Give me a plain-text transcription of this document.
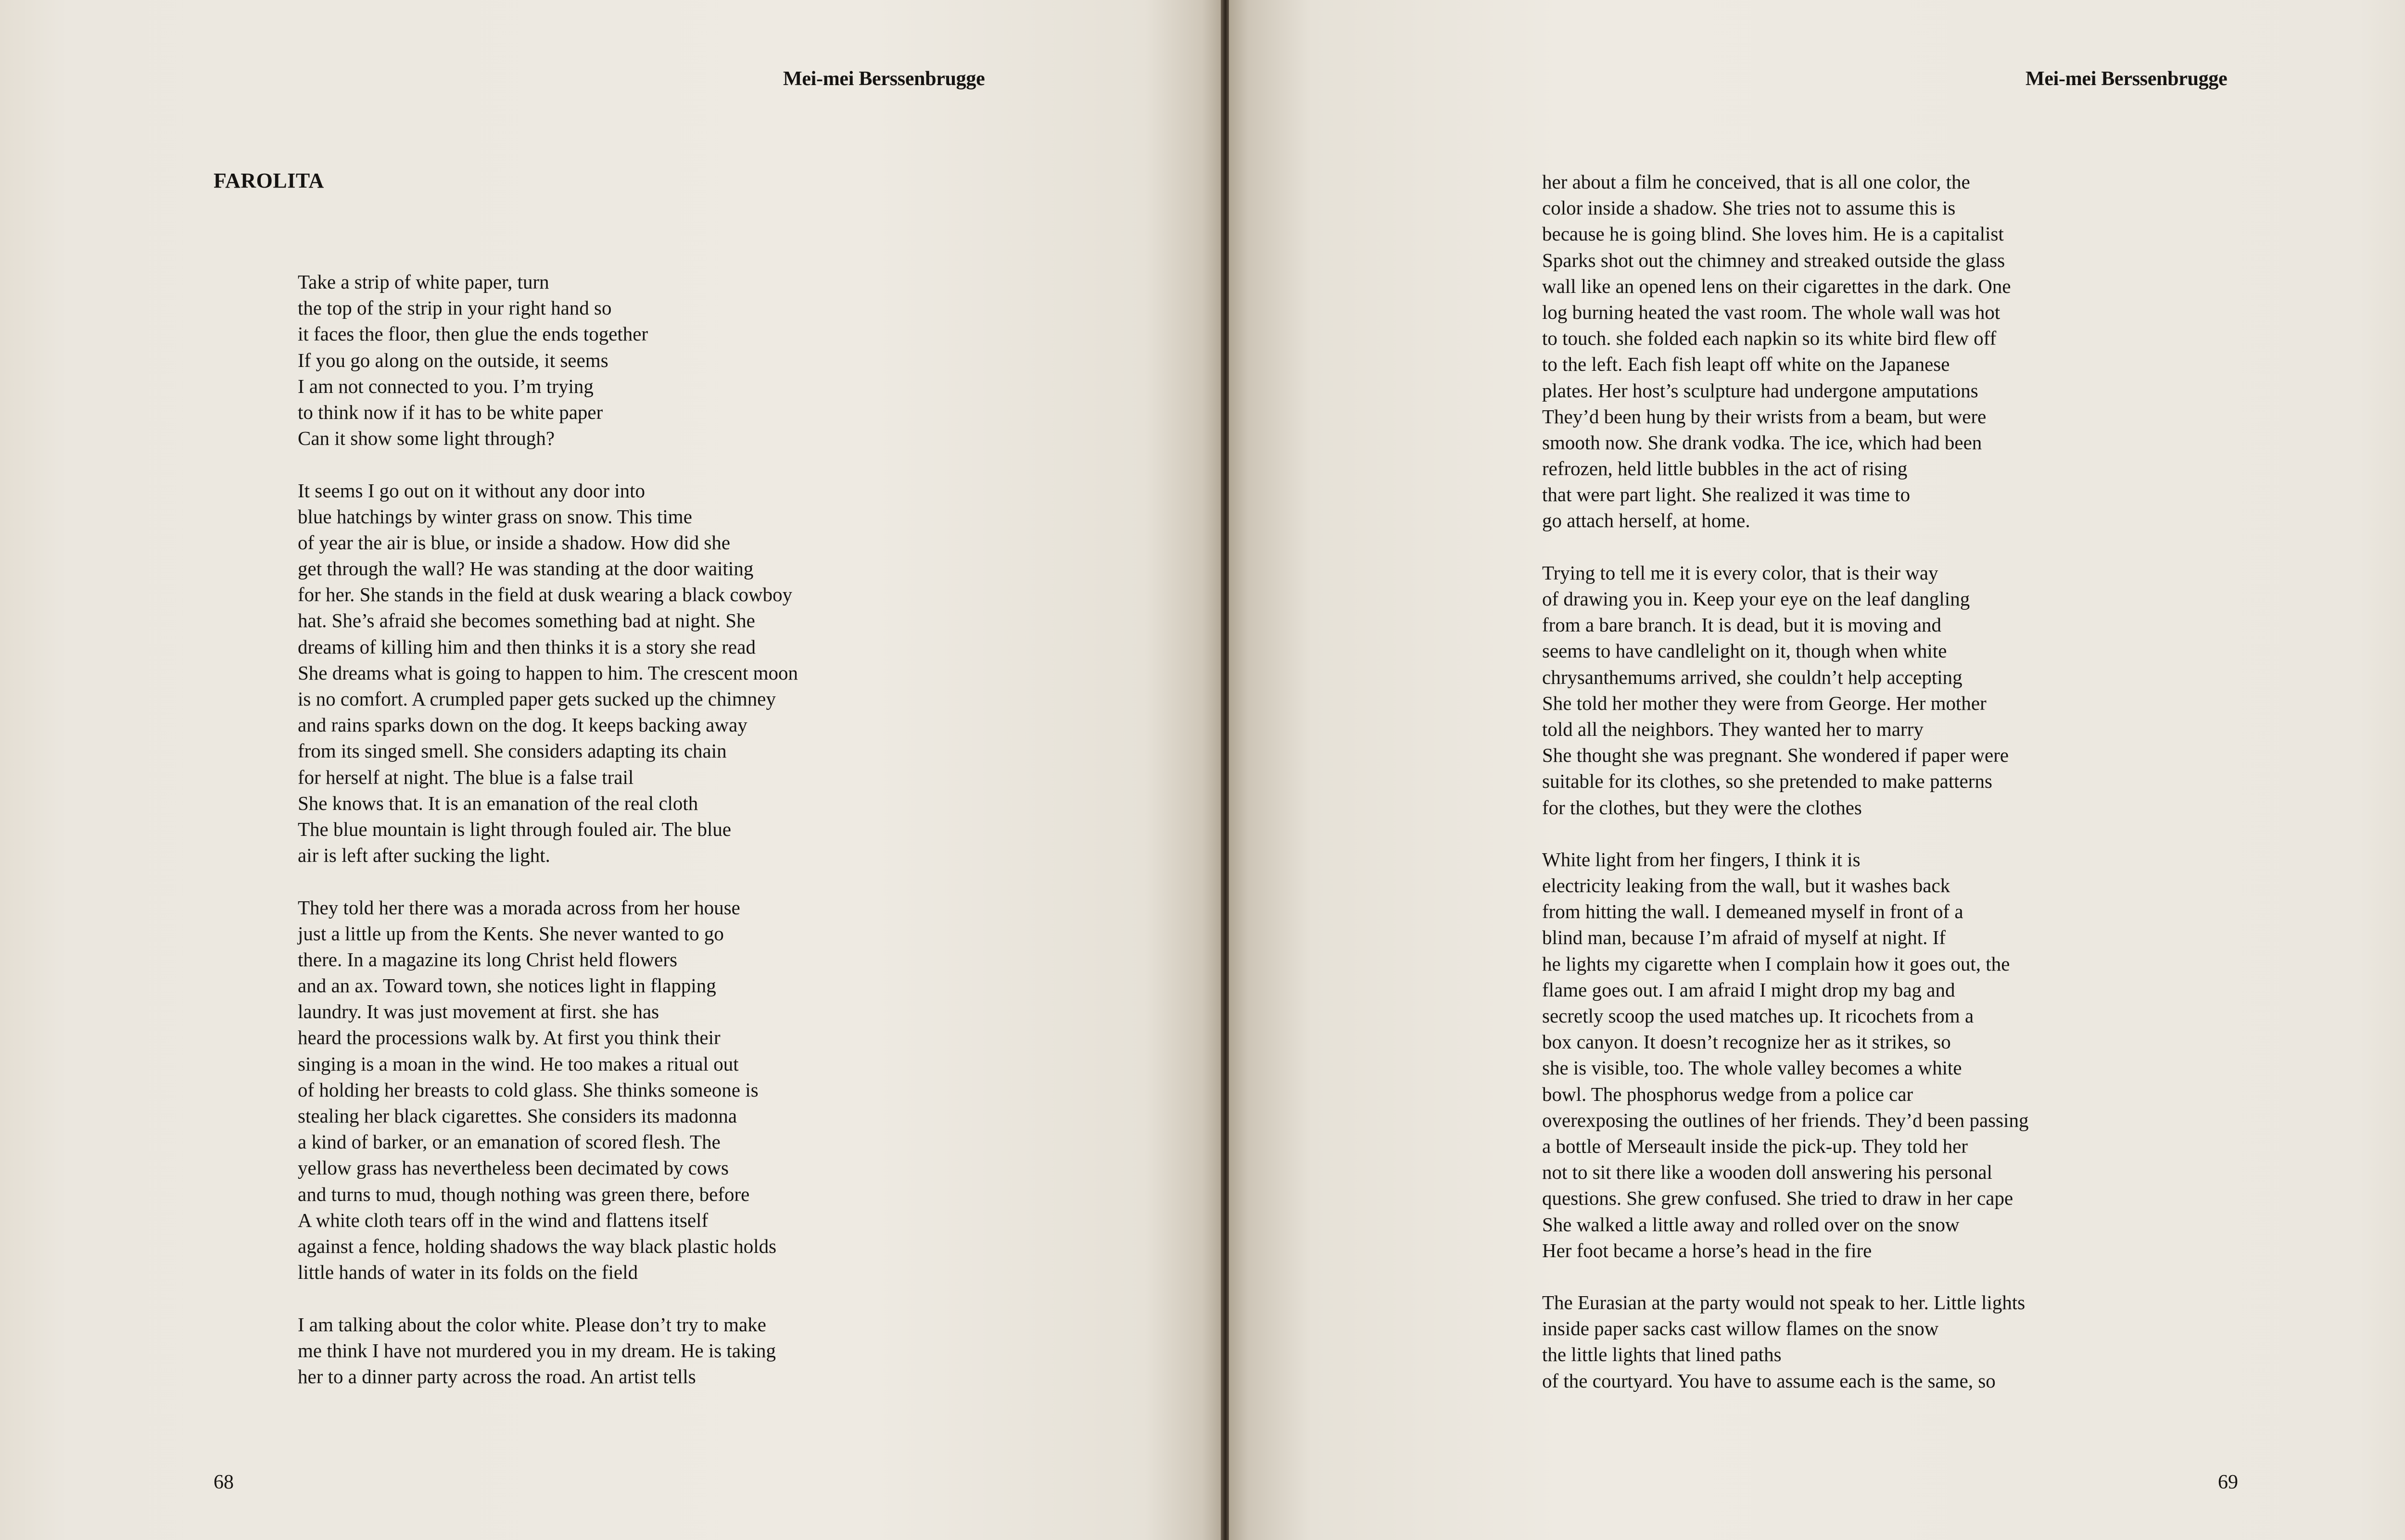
Mei-mei Berssenbrugge
FAROLITA
Take a strip of white paper, turn
the top of the strip in your right hand so
it faces the floor, then glue the ends together
If you go along on the outside, it seems
I am not connected to you. I’m trying
to think now if it has to be white paper
Can it show some light through?
It seems I go out on it without any door into
blue hatchings by winter grass on snow. This time
of year the air is blue, or inside a shadow. How did she
get through the wall? He was standing at the door waiting
for her. She stands in the field at dusk wearing a black cowboy
hat. She’s afraid she becomes something bad at night. She
dreams of killing him and then thinks it is a story she read
She dreams what is going to happen to him. The crescent moon
is no comfort. A crumpled paper gets sucked up the chimney
and rains sparks down on the dog. It keeps backing away
from its singed smell. She considers adapting its chain
for herself at night. The blue is a false trail
She knows that. It is an emanation of the real cloth
The blue mountain is light through fouled air. The blue
air is left after sucking the light.
They told her there was a morada across from her house
just a little up from the Kents. She never wanted to go
there. In a magazine its long Christ held flowers
and an ax. Toward town, she notices light in flapping
laundry. It was just movement at first. she has
heard the processions walk by. At first you think their
singing is a moan in the wind. He too makes a ritual out
of holding her breasts to cold glass. She thinks someone is
stealing her black cigarettes. She considers its madonna
a kind of barker, or an emanation of scored flesh. The
yellow grass has nevertheless been decimated by cows
and turns to mud, though nothing was green there, before
A white cloth tears off in the wind and flattens itself
against a fence, holding shadows the way black plastic holds
little hands of water in its folds on the field
I am talking about the color white. Please don’t try to make
me think I have not murdered you in my dream. He is taking
her to a dinner party across the road. An artist tells
68
Mei-mei Berssenbrugge
her about a film he conceived, that is all one color, the
color inside a shadow. She tries not to assume this is
because he is going blind. She loves him. He is a capitalist
Sparks shot out the chimney and streaked outside the glass
wall like an opened lens on their cigarettes in the dark. One
log burning heated the vast room. The whole wall was hot
to touch. she folded each napkin so its white bird flew off
to the left. Each fish leapt off white on the Japanese
plates. Her host’s sculpture had undergone amputations
They’d been hung by their wrists from a beam, but were
smooth now. She drank vodka. The ice, which had been
refrozen, held little bubbles in the act of rising
that were part light. She realized it was time to
go attach herself, at home.
Trying to tell me it is every color, that is their way
of drawing you in. Keep your eye on the leaf dangling
from a bare branch. It is dead, but it is moving and
seems to have candlelight on it, though when white
chrysanthemums arrived, she couldn’t help accepting
She told her mother they were from George. Her mother
told all the neighbors. They wanted her to marry
She thought she was pregnant. She wondered if paper were
suitable for its clothes, so she pretended to make patterns
for the clothes, but they were the clothes
White light from her fingers, I think it is
electricity leaking from the wall, but it washes back
from hitting the wall. I demeaned myself in front of a
blind man, because I’m afraid of myself at night. If
he lights my cigarette when I complain how it goes out, the
flame goes out. I am afraid I might drop my bag and
secretly scoop the used matches up. It ricochets from a
box canyon. It doesn’t recognize her as it strikes, so
she is visible, too. The whole valley becomes a white
bowl. The phosphorus wedge from a police car
overexposing the outlines of her friends. They’d been passing
a bottle of Merseault inside the pick-up. They told her
not to sit there like a wooden doll answering his personal
questions. She grew confused. She tried to draw in her cape
She walked a little away and rolled over on the snow
Her foot became a horse’s head in the fire
The Eurasian at the party would not speak to her. Little lights
inside paper sacks cast willow flames on the snow
the little lights that lined paths
of the courtyard. You have to assume each is the same, so
69
